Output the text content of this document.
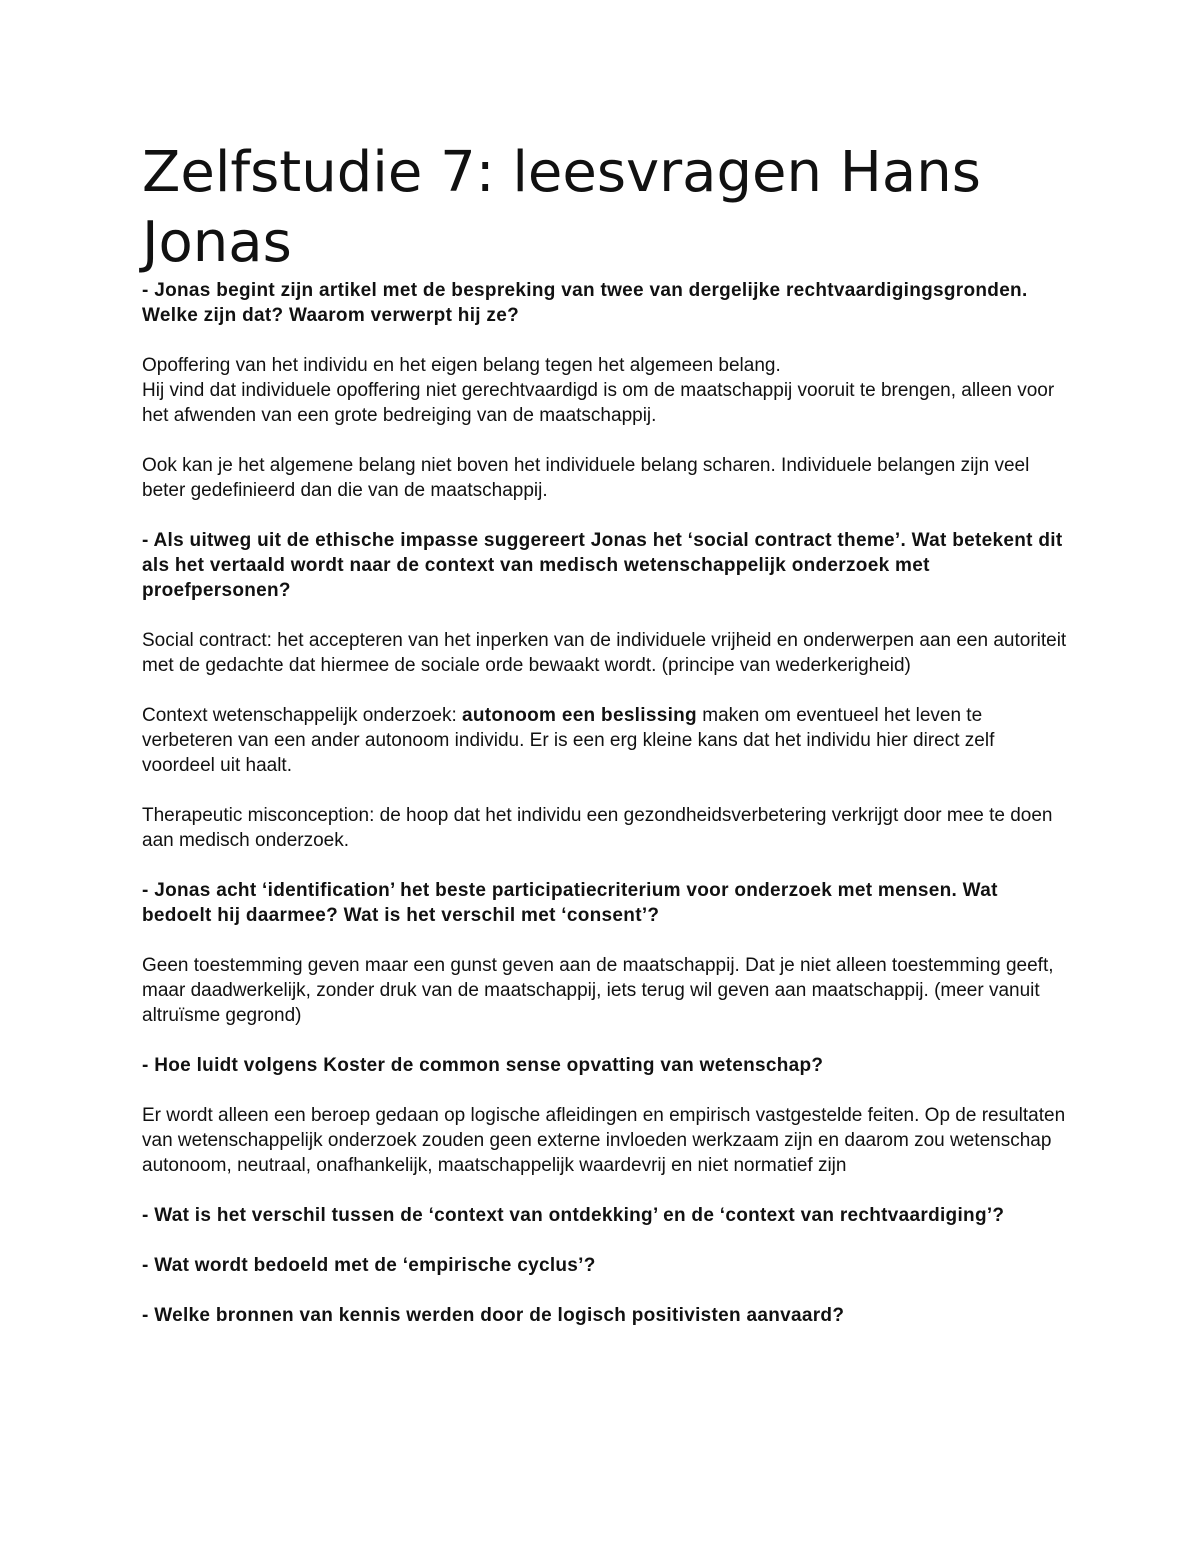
Zelfstudie 7: leesvragen Hans Jonas

- Jonas begint zijn artikel met de bespreking van twee van dergelijke rechtvaardigingsgronden. Welke zijn dat? Waarom verwerpt hij ze?

Opoffering van het individu en het eigen belang tegen het algemeen belang.

Hij vind dat individuele opoffering niet gerechtvaardigd is om de maatschappij vooruit te brengen, alleen voor het afwenden van een grote bedreiging van de maatschappij.

Ook kan je het algemene belang niet boven het individuele belang scharen. Individuele belangen zijn veel beter gedefinieerd dan die van de maatschappij.

- Als uitweg uit de ethische impasse suggereert Jonas het ‘social contract theme’. Wat betekent dit als het vertaald wordt naar de context van medisch wetenschappelijk onderzoek met proefpersonen?

Social contract: het accepteren van het inperken van de individuele vrijheid en onderwerpen aan een autoriteit met de gedachte dat hiermee de sociale orde bewaakt wordt. (principe van wederkerigheid)

Context wetenschappelijk onderzoek: autonoom een beslissing maken om eventueel het leven te verbeteren van een ander autonoom individu. Er is een erg kleine kans dat het individu hier direct zelf voordeel uit haalt.

Therapeutic misconception: de hoop dat het individu een gezondheidsverbetering verkrijgt door mee te doen aan medisch onderzoek.

- Jonas acht ‘identification’ het beste participatiecriterium voor onderzoek met mensen. Wat bedoelt hij daarmee? Wat is het verschil met ‘consent’?

Geen toestemming geven maar een gunst geven aan de maatschappij. Dat je niet alleen toestemming geeft, maar daadwerkelijk, zonder druk van de maatschappij, iets terug wil geven aan maatschappij. (meer vanuit altruïsme gegrond)

- Hoe luidt volgens Koster de common sense opvatting van wetenschap?

Er wordt alleen een beroep gedaan op logische afleidingen en empirisch vastgestelde feiten. Op de resultaten van wetenschappelijk onderzoek zouden geen externe invloeden werkzaam zijn en daarom zou wetenschap autonoom, neutraal, onafhankelijk, maatschappelijk waardevrij en niet normatief zijn

- Wat is het verschil tussen de ‘context van ontdekking’ en de ‘context van rechtvaardiging’?

- Wat wordt bedoeld met de ‘empirische cyclus’?

- Welke bronnen van kennis werden door de logisch positivisten aanvaard?
